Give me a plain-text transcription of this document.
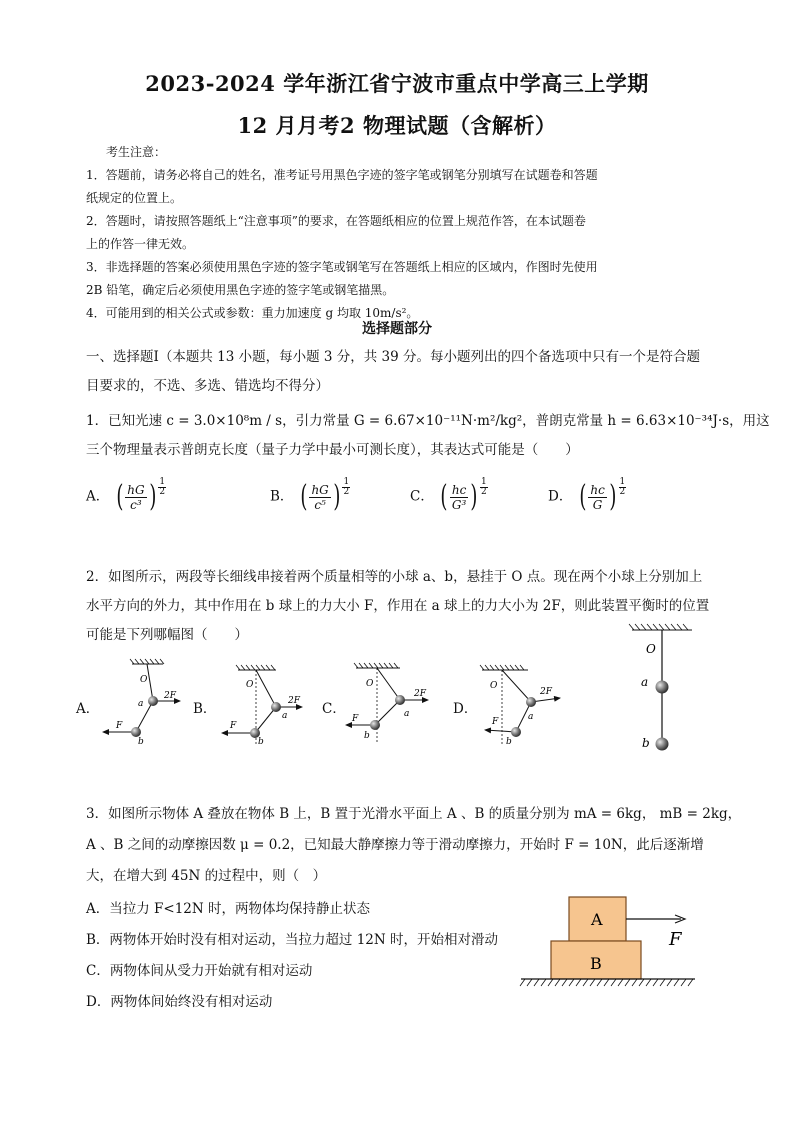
2023-2024 学年浙江省宁波市重点中学高三上学期
12 月月考2 物理试题（含解析）
考生注意：
1．答题前，请务必将自己的姓名，准考证号用黑色字迹的签字笔或钢笔分别填写在试题卷和答题
纸规定的位置上。
2．答题时，请按照答题纸上“注意事项”的要求，在答题纸相应的位置上规范作答，在本试题卷
上的作答一律无效。
3．非选择题的答案必须使用黑色字迹的签字笔或钢笔写在答题纸上相应的区域内，作图时先使用
2B 铅笔，确定后必须使用黑色字迹的签字笔或钢笔描黑。
4．可能用到的相关公式或参数：重力加速度 g 均取 10m/s²。
选择题部分
一、选择题Ⅰ（本题共 13 小题，每小题 3 分，共 39 分。每小题列出的四个备选项中只有一个是符合题
目要求的，不选、多选、错选均不得分）
1．已知光速 c = 3.0×10⁸m / s，引力常量 G = 6.67×10⁻¹¹N·m²/kg²，普朗克常量 h = 6.63×10⁻³⁴J·s，用这
三个物理量表示普朗克长度（量子力学中最小可测长度），其表达式可能是（　　）
A． ( $\frac{hG}{\text{c³}}$ ) $\frac{1}{2}$	B． ( $\frac{hG}{\text{c⁵}}$ ) $\frac{1}{2}$	C． ( $\frac{hc}{\text{G³}}$ ) $\frac{1}{2}$	D． ( $\frac{hc}{G}$ ) $\frac{1}{2}$
2．如图所示，两段等长细线串接着两个质量相等的小球 a、b，悬挂于 O 点。现在两个小球上分别加上
水平方向的外力，其中作用在 b 球上的力大小 F，作用在 a 球上的力大小为 2F，则此装置平衡时的位置
可能是下列哪幅图（　　）
A．	B．	C．	D．
O
a
b
F
2F
O
a
b
F
2F
O
a
b
F
2F
O
a
b
F
2F
O
a
b
3．如图所示物体 A 叠放在物体 B 上，B 置于光滑水平面上 A 、B 的质量分别为 mA = 6kg， mB = 2kg，
A 、B 之间的动摩擦因数 μ = 0.2，已知最大静摩擦力等于滑动摩擦力，开始时 F = 10N，此后逐渐增
大，在增大到 45N 的过程中，则（　）
A．当拉力 F<12N 时，两物体均保持静止状态
B．两物体开始时没有相对运动，当拉力超过 12N 时，开始相对滑动
C．两物体间从受力开始就有相对运动
D．两物体间始终没有相对运动
A
B
F
